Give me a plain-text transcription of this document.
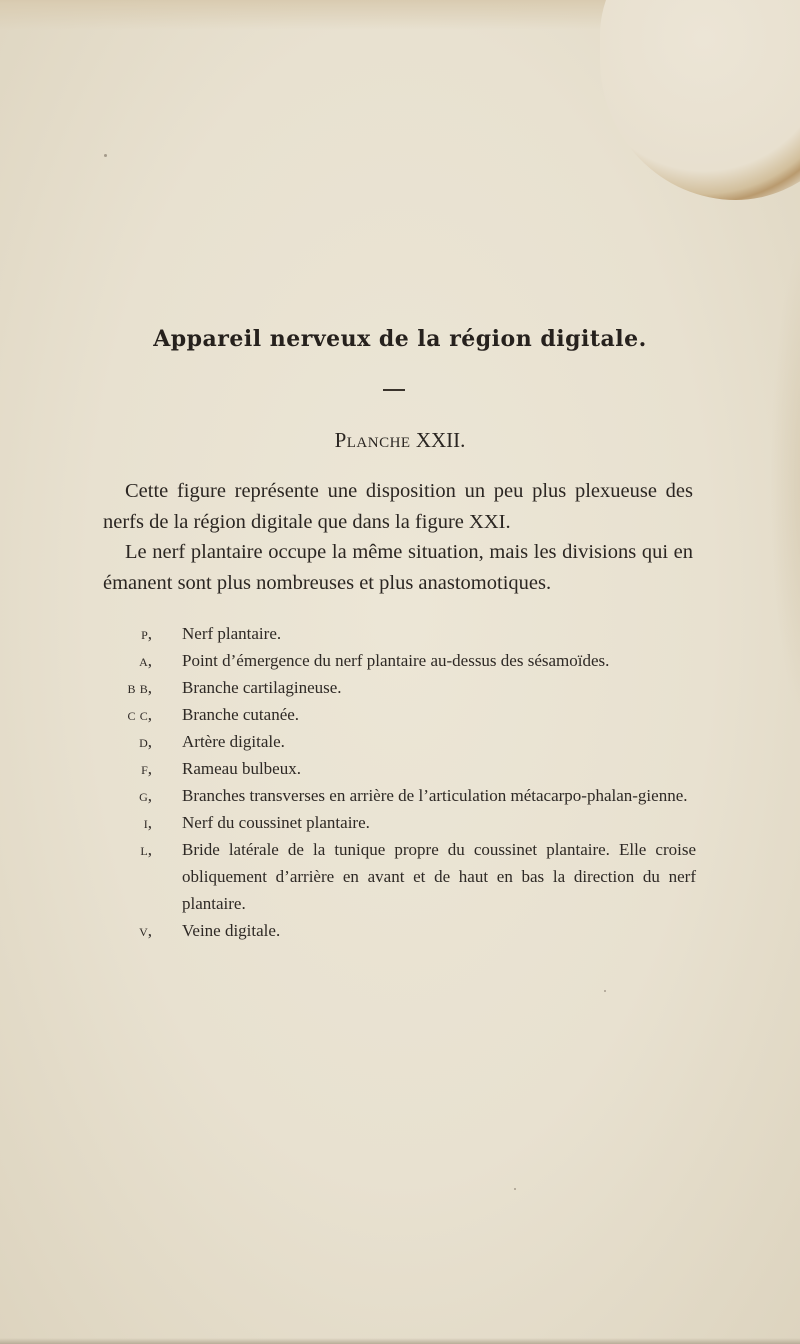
Appareil nerveux de la région digitale.
Planche XXII.

Cette figure représente une disposition un peu plus plexueuse des nerfs de la région digitale que dans la figure XXI.

Le nerf plantaire occupe la même situation, mais les divisions qui en émanent sont plus nombreuses et plus anastomotiques.

p, Nerf plantaire.
a, Point d’émergence du nerf plantaire au-dessus des sésamoïdes.
b b, Branche cartilagineuse.
c c, Branche cutanée.
d, Artère digitale.
f, Rameau bulbeux.
g, Branches transverses en arrière de l’articulation métacarpo-phalan-gienne.
i, Nerf du coussinet plantaire.
l, Bride latérale de la tunique propre du coussinet plantaire. Elle croise obliquement d’arrière en avant et de haut en bas la direction du nerf plantaire.
v, Veine digitale.
